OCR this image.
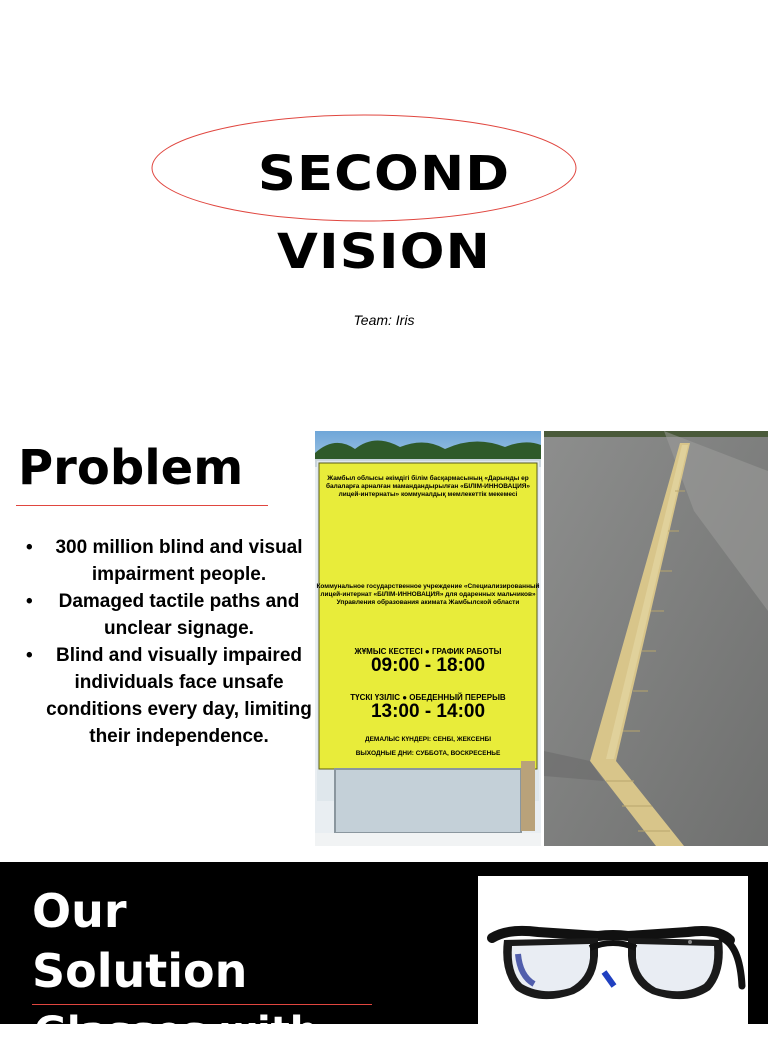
SECOND
VISION
Team: Iris
Problem
• 300 million blind and visual impairment people.
• Damaged tactile paths and unclear signage.
• Blind and visually impaired individuals face unsafe conditions every day, limiting their independence.
Жамбыл облысы әкімдігі білім басқармасының «Дарынды ер балаларға арналған мамандандырылған «БІЛІМ-ИННОВАЦИЯ» лицей-интернаты» коммуналдық мемлекеттік мекемесі
Коммунальное государственное учреждение «Специализированный лицей-интернат «БІЛІМ-ИННОВАЦИЯ» для одаренных мальчиков» Управления образования акимата Жамбылской области
ЖҰМЫС КЕСТЕСІ ● ГРАФИК РАБОТЫ
09:00 - 18:00
ТҮСКІ ҮЗІЛІС ● ОБЕДЕННЫЙ ПЕРЕРЫВ
13:00 - 14:00
ДЕМАЛЫС КҮНДЕРІ: СЕНБІ, ЖЕКСЕНБІ
ВЫХОДНЫЕ ДНИ: СУББОТА, ВОСКРЕСЕНЬЕ
Our
Solution
Glasses with
